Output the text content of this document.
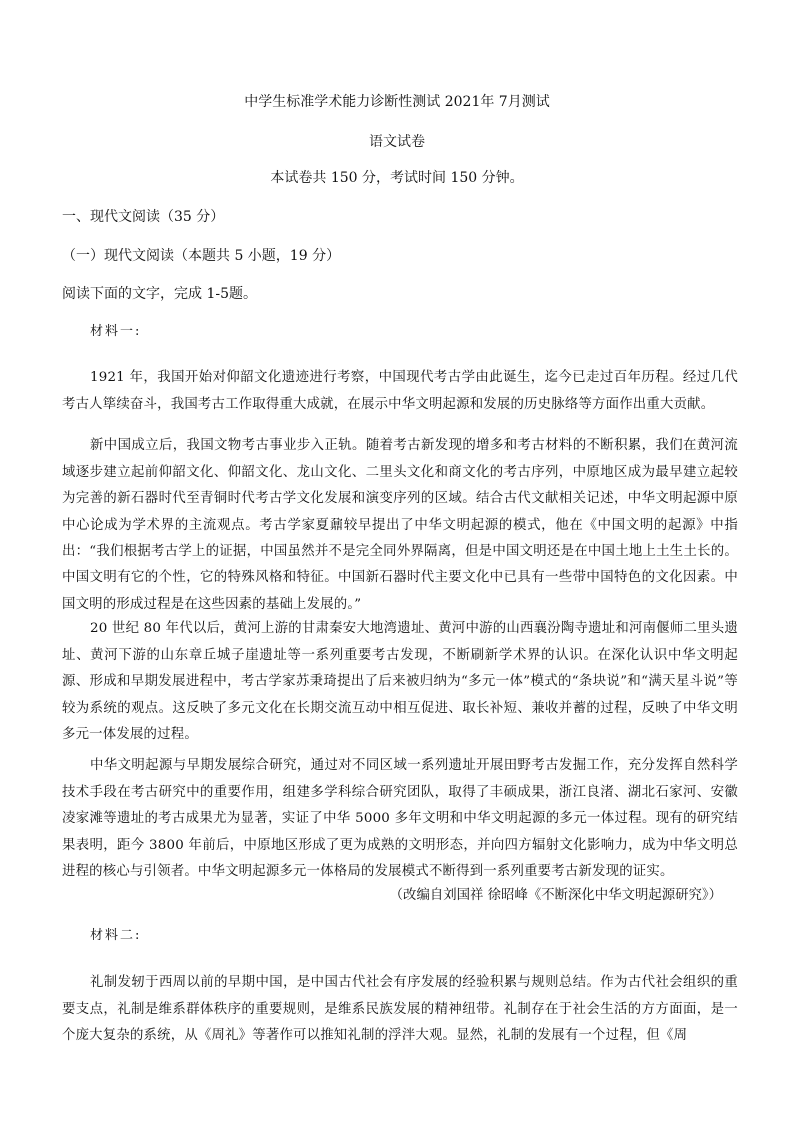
中学生标准学术能力诊断性测试 2021年 7月测试
语文试卷
本试卷共 150 分，考试时间 150 分钟。
一、现代文阅读（35 分）
（一）现代文阅读（本题共 5 小题，19 分）
阅读下面的文字，完成 1-5题。
材料一:

1921 年，我国开始对仰韶文化遗迹进行考察，中国现代考古学由此诞生，迄今已走过百年历程。经过几代考古人筚续奋斗，我国考古工作取得重大成就，在展示中华文明起源和发展的历史脉络等方面作出重大贡献。

新中国成立后，我国文物考古事业步入正轨。随着考古新发现的增多和考古材料的不断积累，我们在黄河流域逐步建立起前仰韶文化、仰韶文化、龙山文化、二里头文化和商文化的考古序列，中原地区成为最早建立起较为完善的新石器时代至青铜时代考古学文化发展和演变序列的区域。结合古代文献相关记述，中华文明起源中原中心论成为学术界的主流观点。考古学家夏鼐较早提出了中华文明起源的模式，他在《中国文明的起源》中指出：“我们根据考古学上的证据，中国虽然并不是完全同外界隔离，但是中国文明还是在中国土地上土生土长的。中国文明有它的个性，它的特殊风格和特征。中国新石器时代主要文化中已具有一些带中国特色的文化因素。中国文明的形成过程是在这些因素的基础上发展的。”

20 世纪 80 年代以后，黄河上游的甘肃秦安大地湾遗址、黄河中游的山西襄汾陶寺遗址和河南偃师二里头遗址、黄河下游的山东章丘城子崖遗址等一系列重要考古发现，不断刷新学术界的认识。在深化认识中华文明起源、形成和早期发展进程中，考古学家苏秉琦提出了后来被归纳为“多元一体”模式的“条块说”和“满天星斗说”等较为系统的观点。这反映了多元文化在长期交流互动中相互促进、取长补短、兼收并蓄的过程，反映了中华文明多元一体发展的过程。

中华文明起源与早期发展综合研究，通过对不同区域一系列遗址开展田野考古发掘工作，充分发挥自然科学技术手段在考古研究中的重要作用，组建多学科综合研究团队，取得了丰硕成果，浙江良渚、湖北石家河、安徽凌家滩等遗址的考古成果尤为显著，实证了中华 5000 多年文明和中华文明起源的多元一体过程。现有的研究结果表明，距今 3800 年前后，中原地区形成了更为成熟的文明形态，并向四方辐射文化影响力，成为中华文明总进程的核心与引领者。中华文明起源多元一体格局的发展模式不断得到一系列重要考古新发现的证实。

（改编自刘国祥 徐昭峰《不断深化中华文明起源研究》）
材料二:

礼制发轫于西周以前的早期中国，是中国古代社会有序发展的经验积累与规则总结。作为古代社会组织的重要支点，礼制是维系群体秩序的重要规则，是维系民族发展的精神纽带。礼制存在于社会生活的方方面面，是一个庞大复杂的系统，从《周礼》等著作可以推知礼制的浮泮大观。显然，礼制的发展有一个过程，但《周
